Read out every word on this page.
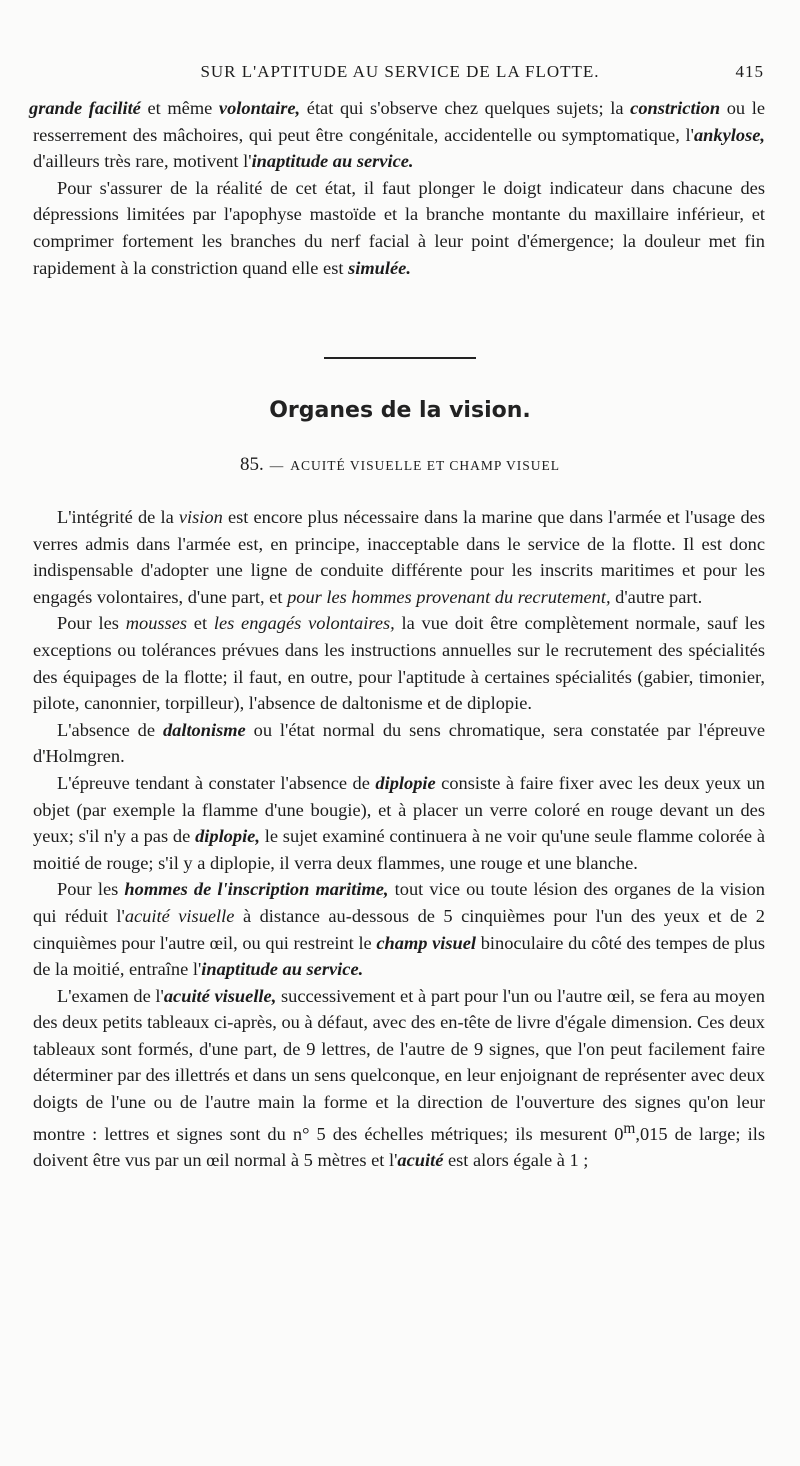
SUR L'APTITUDE AU SERVICE DE LA FLOTTE.	415

grande facilité et même volontaire, état qui s'observe chez quelques sujets; la constriction ou le resserrement des mâchoires, qui peut être congénitale, accidentelle ou symptomatique, l'ankylose, d'ailleurs très rare, motivent l'inaptitude au service.

Pour s'assurer de la réalité de cet état, il faut plonger le doigt indicateur dans chacune des dépressions limitées par l'apophyse mastoïde et la branche montante du maxillaire inférieur, et comprimer fortement les branches du nerf facial à leur point d'émergence; la douleur met fin rapidement à la constriction quand elle est simulée.

Organes de la vision.
85. — ACUITÉ VISUELLE ET CHAMP VISUEL

L'intégrité de la vision est encore plus nécessaire dans la marine que dans l'armée et l'usage des verres admis dans l'armée est, en principe, inacceptable dans le service de la flotte. Il est donc indispensable d'adopter une ligne de conduite différente pour les inscrits maritimes et pour les engagés volontaires, d'une part, et pour les hommes provenant du recrutement, d'autre part.

Pour les mousses et les engagés volontaires, la vue doit être complètement normale, sauf les exceptions ou tolérances prévues dans les instructions annuelles sur le recrutement des spécialités des équipages de la flotte; il faut, en outre, pour l'aptitude à certaines spécialités (gabier, timonier, pilote, canonnier, torpilleur), l'absence de daltonisme et de diplopie.

L'absence de daltonisme ou l'état normal du sens chromatique, sera constatée par l'épreuve d'Holmgren.

L'épreuve tendant à constater l'absence de diplopie consiste à faire fixer avec les deux yeux un objet (par exemple la flamme d'une bougie), et à placer un verre coloré en rouge devant un des yeux; s'il n'y a pas de diplopie, le sujet examiné continuera à ne voir qu'une seule flamme colorée à moitié de rouge; s'il y a diplopie, il verra deux flammes, une rouge et une blanche.

Pour les hommes de l'inscription maritime, tout vice ou toute lésion des organes de la vision qui réduit l'acuité visuelle à distance au-dessous de 5 cinquièmes pour l'un des yeux et de 2 cinquièmes pour l'autre œil, ou qui restreint le champ visuel binoculaire du côté des tempes de plus de la moitié, entraîne l'inaptitude au service.

L'examen de l'acuité visuelle, successivement et à part pour l'un ou l'autre œil, se fera au moyen des deux petits tableaux ci-après, ou à défaut, avec des en-tête de livre d'égale dimension. Ces deux tableaux sont formés, d'une part, de 9 lettres, de l'autre de 9 signes, que l'on peut facilement faire déterminer par des illettrés et dans un sens quelconque, en leur enjoignant de représenter avec deux doigts de l'une ou de l'autre main la forme et la direction de l'ouverture des signes qu'on leur montre : lettres et signes sont du n° 5 des échelles métriques; ils mesurent 0$^m$,015 de large; ils doivent être vus par un œil normal à 5 mètres et l'acuité est alors égale à 1 ;
